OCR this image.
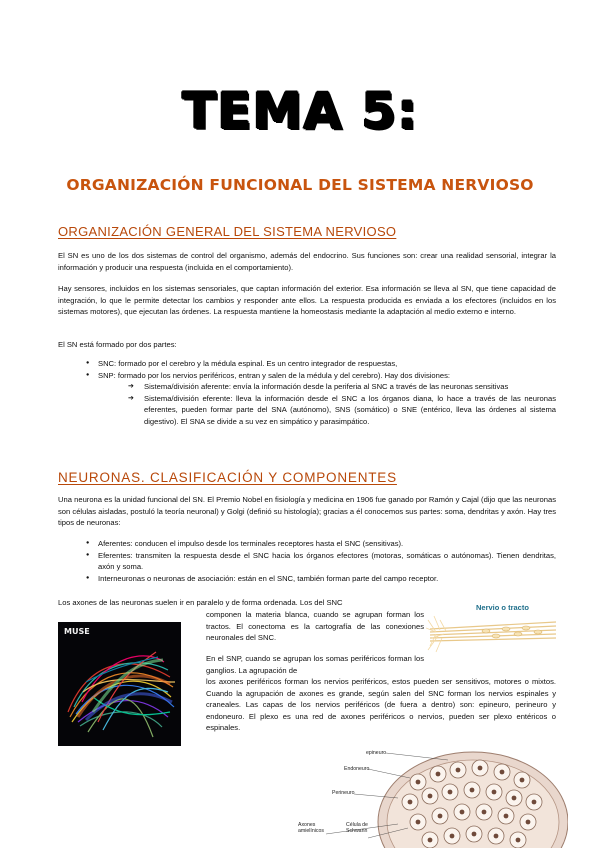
TEMA 5:
ORGANIZACIÓN FUNCIONAL DEL SISTEMA NERVIOSO
ORGANIZACIÓN GENERAL DEL SISTEMA NERVIOSO

El SN es uno de los dos sistemas de control del organismo, además del endocrino. Sus funciones son: crear una realidad sensorial, integrar la información y producir una respuesta (incluida en el comportamiento).

Hay sensores, incluidos en los sistemas sensoriales, que captan información del exterior. Esa información se lleva al SN, que tiene capacidad de integración, lo que le permite detectar los cambios y responder ante ellos. La respuesta producida es enviada a los efectores (incluidos en los sistemas motores), que ejecutan las órdenes. La respuesta mantiene la homeostasis mediante la adaptación al medio externo e interno.

El SN está formado por dos partes:

● SNC: formado por el cerebro y la médula espinal. Es un centro integrador de respuestas,
● SNP: formado por los nervios periféricos, entran y salen de la médula y del cerebro). Hay dos divisiones:
➔ Sistema/división aferente: envía la información desde la periferia al SNC a través de las neuronas sensitivas
➔ Sistema/división eferente: lleva la información desde el SNC a los órganos diana, lo hace a través de las neuronas eferentes, pueden formar parte del SNA (autónomo), SNS (somático) o SNE (entérico, lleva las órdenes al sistema digestivo). El SNA se divide a su vez en simpático y parasimpático.
NEURONAS. CLASIFICACIÓN Y COMPONENTES

Una neurona es la unidad funcional del SN. El Premio Nobel en fisiología y medicina en 1906 fue ganado por Ramón y Cajal (dijo que las neuronas son células aisladas, postuló la teoría neuronal) y Golgi (definió su histología); gracias a él conocemos sus partes: soma, dendritas y axón. Hay tres tipos de neuronas:

● Aferentes: conducen el impulso desde los terminales receptores hasta el SNC (sensitivas).
● Eferentes: transmiten la respuesta desde el SNC hacia los órganos efectores (motoras, somáticas o autónomas). Tienen dendritas, axón y soma.
● Interneuronas o neuronas de asociación: están en el SNC, también forman parte del campo receptor.

Los axones de las neuronas suelen ir en paralelo y de forma ordenada. Los del SNC

componen la materia blanca, cuando se agrupan forman los tractos. El conectoma es la cartografía de las conexiones neuronales del SNC.

En el SNP, cuando se agrupan los somas periféricos forman los ganglios. La agrupación de

los axones periféricos forman los nervios periféricos, estos pueden ser sensitivos, motores o mixtos. Cuando la agrupación de axones es grande, según salen del SNC forman los nervios espinales y craneales. Las capas de los nervios periféricos (de fuera a dentro) son: epineuro, perineuro y endoneuro. El plexo es una red de axones periféricos o nervios, pueden ser plexo entéricos o espinales.

MUSE
Nervio o tracto
epineuro
Endoneuro
Perineuro
Axones amielínicos
Célula de Schwann
